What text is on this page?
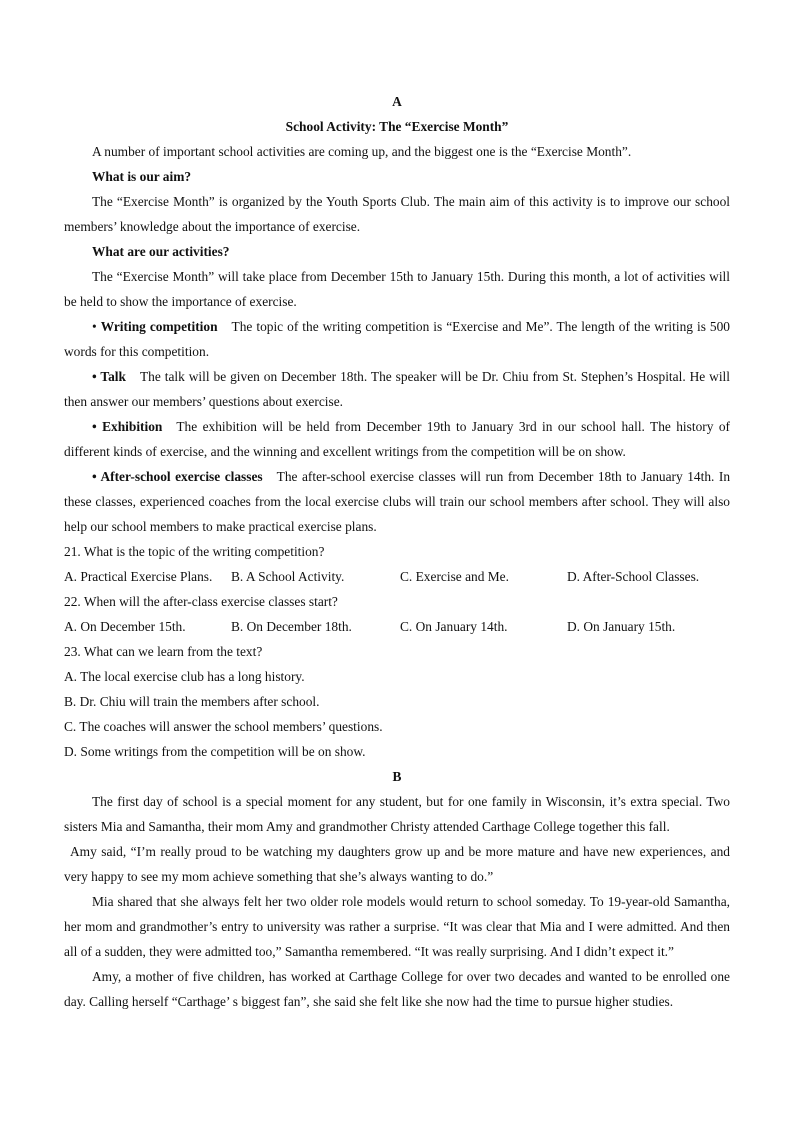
A

School Activity: The “Exercise Month”

A number of important school activities are coming up, and the biggest one is the “Exercise Month”.

What is our aim?

The “Exercise Month” is organized by the Youth Sports Club. The main aim of this activity is to improve our school members’ knowledge about the importance of exercise.

What are our activities?

The “Exercise Month” will take place from December 15th to January 15th. During this month, a lot of activities will be held to show the importance of exercise.

• Writing competition The topic of the writing competition is “Exercise and Me”. The length of the writing is 500 words for this competition.

• Talk The talk will be given on December 18th. The speaker will be Dr. Chiu from St. Stephen’s Hospital. He will then answer our members’ questions about exercise.

• Exhibition The exhibition will be held from December 19th to January 3rd in our school hall. The history of different kinds of exercise, and the winning and excellent writings from the competition will be on show.

• After-school exercise classes The after-school exercise classes will run from December 18th to January 14th. In these classes, experienced coaches from the local exercise clubs will train our school members after school. They will also help our school members to make practical exercise plans.

21. What is the topic of the writing competition?

A. Practical Exercise Plans.	B. A School Activity.	C. Exercise and Me.	D. After-School Classes.

22. When will the after-class exercise classes start?

A. On December 15th.	B. On December 18th.	C. On January 14th.	D. On January 15th.

23. What can we learn from the text?

A. The local exercise club has a long history.

B. Dr. Chiu will train the members after school.

C. The coaches will answer the school members’ questions.

D. Some writings from the competition will be on show.

B

The first day of school is a special moment for any student, but for one family in Wisconsin, it’s extra special. Two sisters Mia and Samantha, their mom Amy and grandmother Christy attended Carthage College together this fall.

Amy said, “I’m really proud to be watching my daughters grow up and be more mature and have new experiences, and very happy to see my mom achieve something that she’s always wanting to do.”

Mia shared that she always felt her two older role models would return to school someday. To 19-year-old Samantha, her mom and grandmother’s entry to university was rather a surprise. “It was clear that Mia and I were admitted. And then all of a sudden, they were admitted too,” Samantha remembered. “It was really surprising. And I didn’t expect it.”

Amy, a mother of five children, has worked at Carthage College for over two decades and wanted to be enrolled one day. Calling herself “Carthage’ s biggest fan”, she said she felt like she now had the time to pursue higher studies.
